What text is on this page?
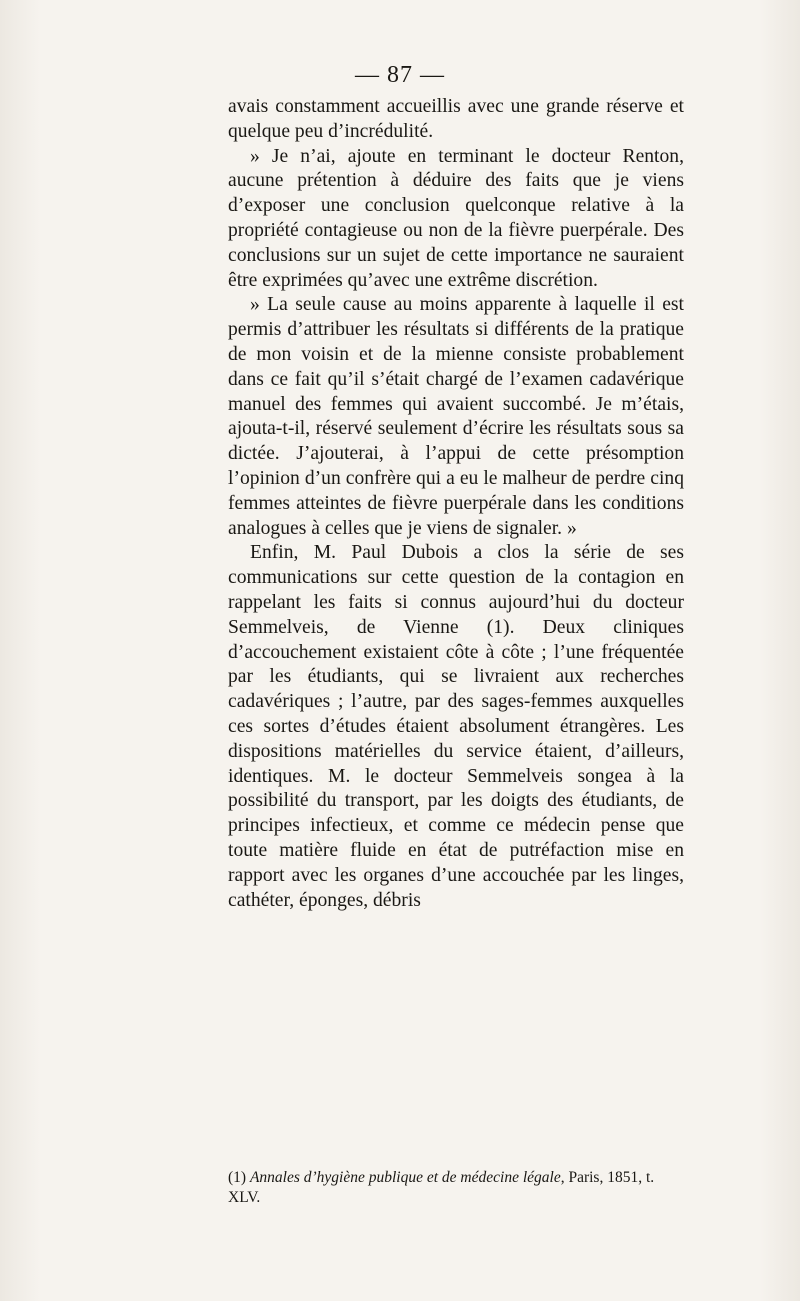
— 87 —

avais constamment accueillis avec une grande réserve et quelque peu d’incrédulité.

» Je n’ai, ajoute en terminant le docteur Renton, aucune prétention à déduire des faits que je viens d’exposer une conclusion quelconque relative à la propriété contagieuse ou non de la fièvre puerpérale. Des conclusions sur un sujet de cette importance ne sauraient être exprimées qu’avec une extrême discrétion.

» La seule cause au moins apparente à laquelle il est permis d’attribuer les résultats si différents de la pratique de mon voisin et de la mienne consiste probablement dans ce fait qu’il s’était chargé de l’examen cadavérique manuel des femmes qui avaient succombé. Je m’étais, ajouta-t-il, réservé seulement d’écrire les résultats sous sa dictée. J’ajouterai, à l’appui de cette présomption l’opinion d’un confrère qui a eu le malheur de perdre cinq femmes atteintes de fièvre puerpérale dans les conditions analogues à celles que je viens de signaler. »

Enfin, M. Paul Dubois a clos la série de ses communications sur cette question de la contagion en rappelant les faits si connus aujourd’hui du docteur Semmelveis, de Vienne (1). Deux cliniques d’accouchement existaient côte à côte ; l’une fréquentée par les étudiants, qui se livraient aux recherches cadavériques ; l’autre, par des sages-femmes auxquelles ces sortes d’études étaient absolument étrangères. Les dispositions matérielles du service étaient, d’ailleurs, identiques. M. le docteur Semmelveis songea à la possibilité du transport, par les doigts des étudiants, de principes infectieux, et comme ce médecin pense que toute matière fluide en état de putréfaction mise en rapport avec les organes d’une accouchée par les linges, cathéter, éponges, débris

(1) Annales d’hygiène publique et de médecine légale, Paris, 1851, t. XLV.
